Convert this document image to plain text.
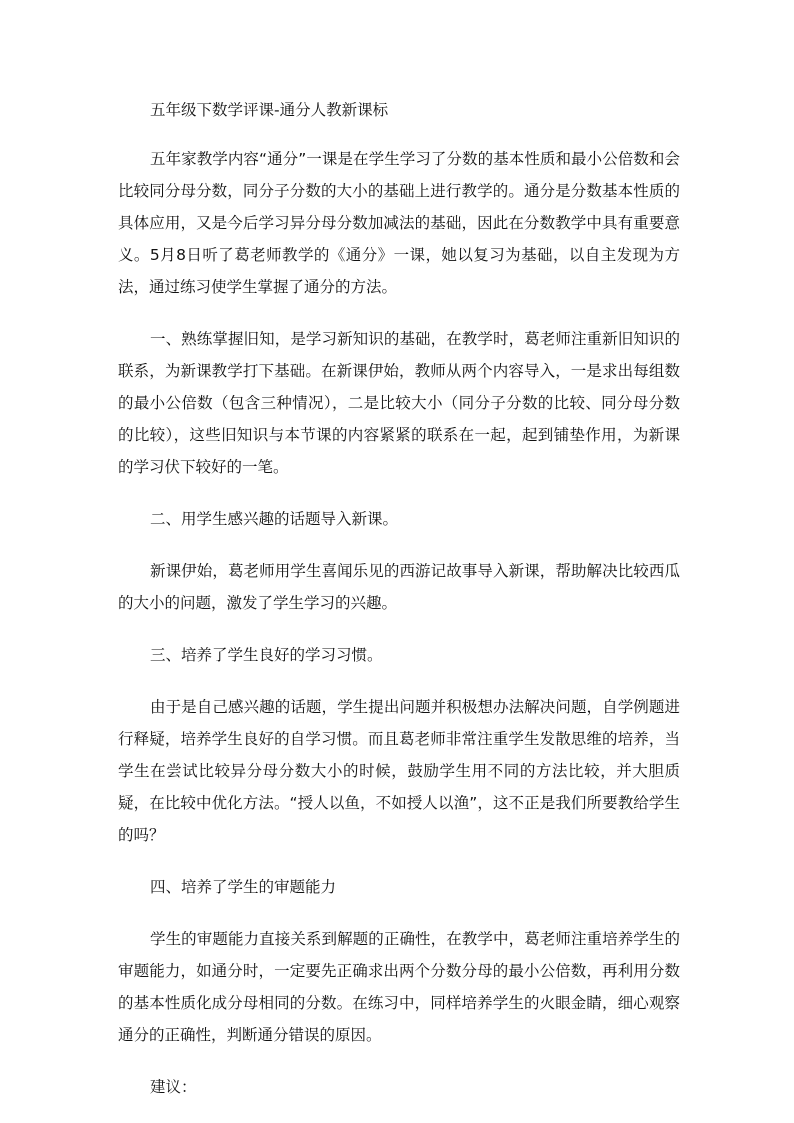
五年级下数学评课-通分人教新课标

五年家教学内容“通分”一课是在学生学习了分数的基本性质和最小公倍数和会比较同分母分数，同分子分数的大小的基础上进行教学的。通分是分数基本性质的具体应用，又是今后学习异分母分数加减法的基础，因此在分数教学中具有重要意义。5月8日听了葛老师教学的《通分》一课，她以复习为基础，以自主发现为方法，通过练习使学生掌握了通分的方法。

一、熟练掌握旧知，是学习新知识的基础，在教学时，葛老师注重新旧知识的联系，为新课教学打下基础。在新课伊始，教师从两个内容导入，一是求出每组数的最小公倍数（包含三种情况），二是比较大小（同分子分数的比较、同分母分数的比较），这些旧知识与本节课的内容紧紧的联系在一起，起到铺垫作用，为新课的学习伏下较好的一笔。

二、用学生感兴趣的话题导入新课。

新课伊始，葛老师用学生喜闻乐见的西游记故事导入新课，帮助解决比较西瓜的大小的问题，激发了学生学习的兴趣。

三、培养了学生良好的学习习惯。

由于是自己感兴趣的话题，学生提出问题并积极想办法解决问题，自学例题进行释疑，培养学生良好的自学习惯。而且葛老师非常注重学生发散思维的培养，当学生在尝试比较异分母分数大小的时候，鼓励学生用不同的方法比较，并大胆质疑，在比较中优化方法。“授人以鱼，不如授人以渔”，这不正是我们所要教给学生的吗？

四、培养了学生的审题能力

学生的审题能力直接关系到解题的正确性，在教学中，葛老师注重培养学生的审题能力，如通分时，一定要先正确求出两个分数分母的最小公倍数，再利用分数的基本性质化成分母相同的分数。在练习中，同样培养学生的火眼金睛，细心观察通分的正确性，判断通分错误的原因。

建议：
